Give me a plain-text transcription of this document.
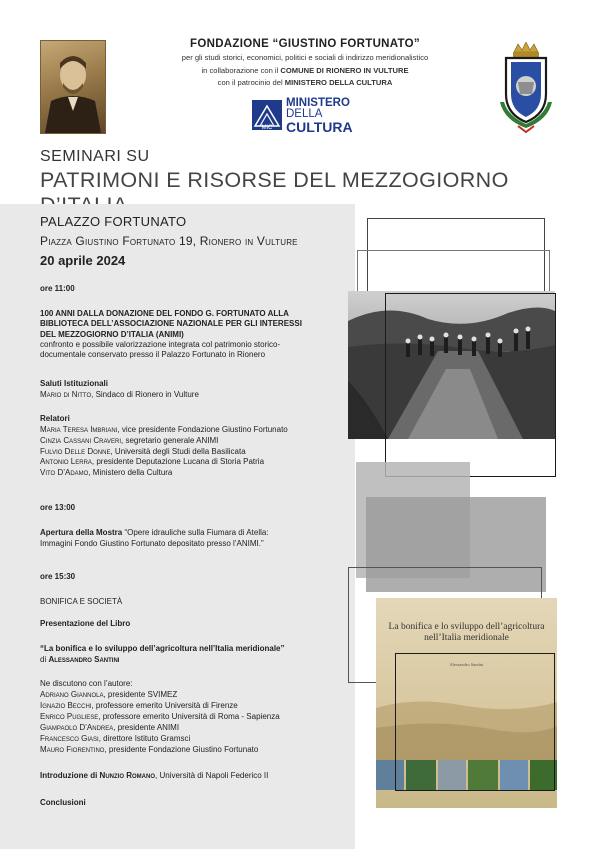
FONDAZIONE “GIUSTINO FORTUNATO”
per gli studi storici, economici, politici e sociali di indirizzo meridionalistico
in collaborazione con il COMUNE DI RIONERO IN VULTURE
con il patrocinio del MINISTERO DELLA CULTURA
MiC
MINISTERO
DELLA
CULTURA
SEMINARI SU
PATRIMONI E RISORSE DEL MEZZOGIORNO
PALAZZO FORTUNATO
Piazza Giustino Fortunato 19, Rionero in Vulture
20 aprile 2024
ore 11:00
100 ANNI DALLA DONAZIONE DEL FONDO G. FORTUNATO ALLA
BIBLIOTECA DELL’ASSOCIAZIONE NAZIONALE PER GLI INTERESSI
DEL MEZZOGIORNO D’ITALIA (ANIMI)
confronto e possibile valorizzazione integrata col patrimonio storico-
documentale conservato presso il Palazzo Fortunato in Rionero
Saluti Istituzionali
Mario di Nitto, Sindaco di Rionero in Vulture
Relatori
Maria Teresa Imbriani, vice presidente Fondazione Giustino Fortunato
Cinzia Cassani Craveri, segretario generale ANIMI
Fulvio Delle Donne, Università degli Studi della Basilicata
Antonio Lerra, presidente Deputazione Lucana di Storia Patria
Vito D’Adamo, Ministero della Cultura
ore 13:00
Apertura della Mostra “Opere idrauliche sulla Fiumara di Atella:
Immagini Fondo Giustino Fortunato depositato presso l’ANIMI.”
ore 15:30
BONIFICA E SOCIETÀ
Presentazione del Libro
“La bonifica e lo sviluppo dell’agricoltura nell’Italia meridionale”
di Alessandro Santini
Ne discutono con l’autore:
Adriano Giannola, presidente SVIMEZ
Ignazio Becchi, professore emerito Università di Firenze
Enrico Pugliese, professore emerito Università di Roma - Sapienza
Giampaolo D’Andrea, presidente ANIMI
Francesco Giasi, direttore Istituto Gramsci
Mauro Fiorentino, presidente Fondazione Giustino Fortunato
Introduzione di Nunzio Romano, Università di Napoli Federico II
Conclusioni
La bonifica e lo sviluppo dell’agricoltura
nell’Italia meridionale
Alessandro Santini
